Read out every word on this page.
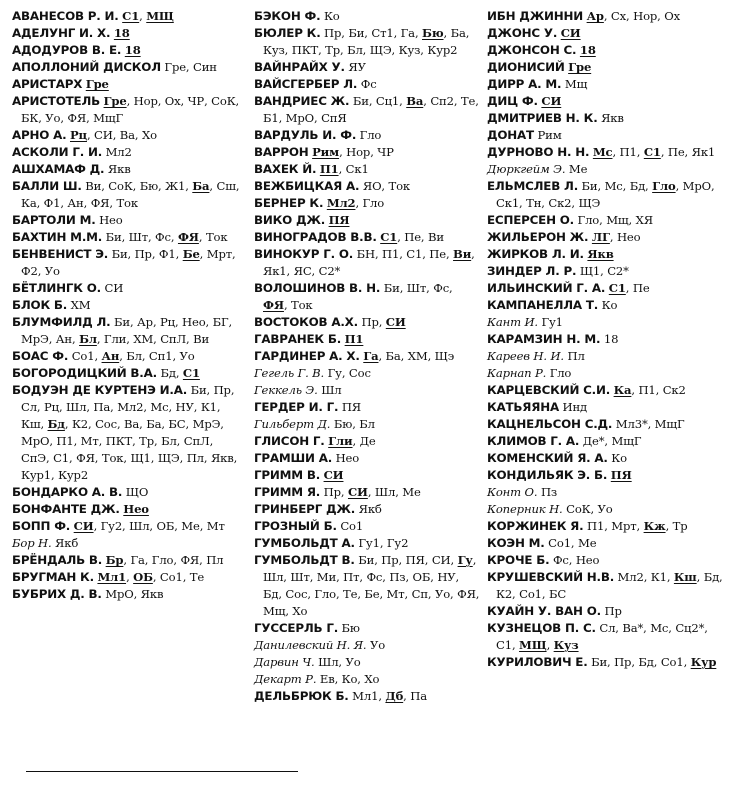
АВАНЕСОВ Р. И. С1, МЩ

АДЕЛУНГ И. Х. 18

АДОДУРОВ В. Е. 18

АПОЛЛОНИЙ ДИСКОЛ Гре, Син

АРИСТАРХ Гре

АРИСТОТЕЛЬ Гре, Нор, Ох, ЧР, СоК, БК, Уо, ФЯ, МщГ

АРНО А. Рц, СИ, Ва, Хо

АСКОЛИ Г. И. Мл2

АШХАМАФ Д. Якв

БАЛЛИ Ш. Ви, СоК, Бю, Ж1, Ба, Сш, Ка, Ф1, Ан, ФЯ, Ток

БАРТОЛИ М. Нео

БАХТИН М.М. Би, Шт, Фс, ФЯ, Ток

БЕНВЕНИСТ Э. Би, Пр, Ф1, Бе, Мрт, Ф2, Уо

БЁТЛИНГК О. СИ

БЛОК Б. ХМ

БЛУМФИЛД Л. Би, Ар, Рц, Нео, БГ, МрЭ, Ан, Бл, Гли, ХМ, СпЛ, Ви

БОАС Ф. Со1, Ан, Бл, Сп1, Уо

БОГОРОДИЦКИЙ В.А. Бд, С1

БОДУЭН ДЕ КУРТЕНЭ И.А. Би, Пр, Сл, Рц, Шл, Па, Мл2, Мс, НУ, К1, Кш, Бд, К2, Сос, Ва, Ба, БС, МрЭ, МрО, П1, Мт, ПКТ, Тр, Бл, СпЛ, СпЭ, С1, ФЯ, Ток, Щ1, ЩЭ, Пл, Якв, Кур1, Кур2

БОНДАРКО А. В. ЩО

БОНФАНТЕ ДЖ. Нео

БОПП Ф. СИ, Гу2, Шл, ОБ, Ме, Мт

Бор Н. Якб

БРЁНДАЛЬ В. Бр, Га, Гло, ФЯ, Пл

БРУГМАН К. Мл1, ОБ, Со1, Те

БУБРИХ Д. В. МрО, Якв

БЭКОН Ф. Ко

БЮЛЕР К. Пр, Би, Ст1, Га, Бю, Ба, Куз, ПКТ, Тр, Бл, ЩЭ, Куз, Кур2

ВАЙНРАЙХ У. ЯУ

ВАЙСГЕРБЕР Л. Фс

ВАНДРИЕС Ж. Би, Сц1, Ва, Сп2, Те, Б1, МрО, СпЯ

ВАРДУЛЬ И. Ф. Гло

ВАРРОН Рим, Нор, ЧР

ВАХЕК Й. П1, Ск1

ВЕЖБИЦКАЯ А. ЯО, Ток

БЕРНЕР К. Мл2, Гло

ВИКО ДЖ. ПЯ

ВИНОГРАДОВ В.В. С1, Пе, Ви

ВИНОКУР Г. О. БН, П1, С1, Пе, Ви, Як1, ЯС, С2*

ВОЛОШИНОВ В. Н. Би, Шт, Фс, ФЯ, Ток

ВОСТОКОВ А.Х. Пр, СИ

ГАВРАНЕК Б. П1

ГАРДИНЕР А. Х. Га, Ба, ХМ, Щэ

Гегель Г. В. Гу, Сос

Геккель Э. Шл

ГЕРДЕР И. Г. ПЯ

Гильберт Д. Бю, Бл

ГЛИСОН Г. Гли, Де

ГРАМШИ А. Нео

ГРИММ В. СИ

ГРИММ Я. Пр, СИ, Шл, Ме

ГРИНБЕРГ ДЖ. Якб

ГРОЗНЫЙ Б. Со1

ГУМБОЛЬДТ А. Гу1, Гу2

ГУМБОЛЬДТ В. Би, Пр, ПЯ, СИ, Гу, Шл, Шт, Ми, Пт, Фс, Пз, ОБ, НУ, Бд, Сос, Гло, Те, Бе, Мт, Сп, Уо, ФЯ, Мщ, Хо

ГУССЕРЛЬ Г. Бю

Данилевский Н. Я. Уо

Дарвин Ч. Шл, Уо

Декарт Р. Ев, Ко, Хо

ДЕЛЬБРЮК Б. Мл1, Дб, Па

ИБН ДЖИННИ Ар, Сх, Нор, Ох

ДЖОНС У. СИ

ДЖОНСОН С. 18

ДИОНИСИЙ Гре

ДИРР А. М. Мщ

ДИЦ Ф. СИ

ДМИТРИЕВ Н. К. Якв

ДОНАТ Рим

ДУРНОВО Н. Н. Мс, П1, С1, Пе, Як1

Дюркгейм Э. Ме

ЕЛЬМСЛЕВ Л. Би, Мс, Бд, Гло, МрО, Ск1, Тн, Ск2, ЩЭ

ЕСПЕРСЕН О. Гло, Мщ, ХЯ

ЖИЛЬЕРОН Ж. ЛГ, Нео

ЖИРКОВ Л. И. Якв

ЗИНДЕР Л. Р. Щ1, С2*

ИЛЬИНСКИЙ Г. А. С1, Пе

КАМПАНЕЛЛА Т. Ко

Кант И. Гу1

КАРАМЗИН Н. М. 18

Кареев Н. И. Пл

Карнап Р. Гло

КАРЦЕВСКИЙ С.И. Ка, П1, Ск2

КАТЬЯЯНА Инд

КАЦНЕЛЬСОН С.Д. Мл3*, МщГ

КЛИМОВ Г. А. Де*, МщГ

КОМЕНСКИЙ Я. А. Ко

КОНДИЛЬЯК Э. Б. ПЯ

Конт О. Пз

Коперник Н. СоК, Уо

КОРЖИНЕК Я. П1, Мрт, Кж, Тр

КОЭН М. Со1, Ме

КРОЧЕ Б. Фс, Нео

КРУШЕВСКИЙ Н.В. Мл2, К1, Кш, Бд, К2, Со1, БС

КУАЙН У. ВАН О. Пр

КУЗНЕЦОВ П. С. Сл, Ва*, Мс, Сц2*, С1, МЩ, Куз

КУРИЛОВИЧ Е. Би, Пр, Бд, Со1, Кур
